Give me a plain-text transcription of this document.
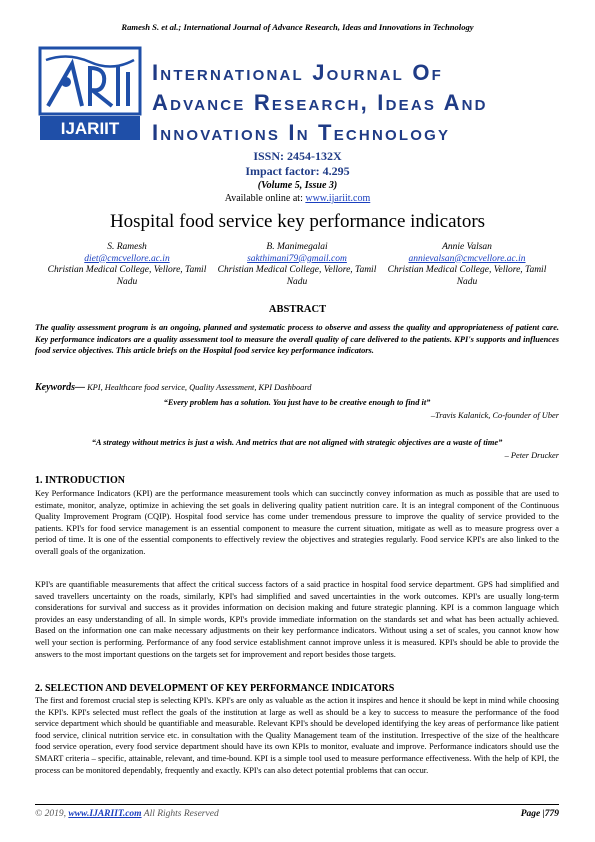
Ramesh S. et al.; International Journal of Advance Research, Ideas and Innovations in Technology
IJARIIT
International Journal Of
Advance Research, Ideas And
Innovations In Technology
ISSN: 2454-132X
Impact factor: 4.295
(Volume 5, Issue 3)
Available online at: www.ijariit.com
Hospital food service key performance indicators
S. Ramesh
diet@cmcvellore.ac.in
Christian Medical College, Vellore, Tamil Nadu
B. Manimegalai
sakthimani79@gmail.com
Christian Medical College, Vellore, Tamil Nadu
Annie Valsan
annievalsan@cmcvellore.ac.in
Christian Medical College, Vellore, Tamil Nadu
ABSTRACT
The quality assessment program is an ongoing, planned and systematic process to observe and assess the quality and appropriateness of patient care. Key performance indicators are a quality assessment tool to measure the overall quality of care delivered to the patients. KPI's supports and influences food service objectives. This article briefs on the Hospital food service key performance indicators.
Keywords— KPI, Healthcare food service, Quality Assessment, KPI Dashboard
“Every problem has a solution. You just have to be creative enough to find it”
–Travis Kalanick, Co-founder of Uber
“A strategy without metrics is just a wish. And metrics that are not aligned with strategic objectives are a waste of time”
– Peter Drucker
1. INTRODUCTION
Key Performance Indicators (KPI) are the performance measurement tools which can succinctly convey information as much as possible that are used to estimate, monitor, analyze, optimize in achieving the set goals in delivering quality patient nutrition care. It is an integral component of the Continuous Quality Improvement Program (CQIP). Hospital food service has come under tremendous pressure to improve the quality of service provided to the patients. KPI's for food service management is an essential component to measure the current situation, mitigate as well as to measure progress over a period of time. It is one of the essential components to effectively review the objectives and strategies regularly. Food service KPI's are also linked to the overall goals of the organization.
KPI's are quantifiable measurements that affect the critical success factors of a said practice in hospital food service department. GPS had simplified and saved travellers uncertainty on the roads, similarly, KPI's had simplified and saved uncertainties in the work outcomes. KPI's are usually long-term considerations for survival and success as it provides information on decision making and future strategic planning. KPI is a common language which provides an easy understanding of all. In simple words, KPI's provide immediate information on the standards set and what has been actually achieved. Based on the information one can make necessary adjustments on their key performance indicators. Without using a set of scales, you cannot know how well your section is performing. Performance of any food service establishment cannot improve unless it is measured. KPI's should be able to provide the answers to the most important questions on the targets set for improvement and report besides those targets.
2. SELECTION AND DEVELOPMENT OF KEY PERFORMANCE INDICATORS
The first and foremost crucial step is selecting KPI's. KPI's are only as valuable as the action it inspires and hence it should be kept in mind while choosing the KPI's. KPI's selected must reflect the goals of the institution at large as well as should be a key to success to measure the performance of the food service department which should be quantifiable and measurable. Relevant KPI's should be developed identifying the key areas of performance like patient food service, clinical nutrition service etc. in consultation with the Quality Management team of the institution. Irrespective of the size of the healthcare food service operation, every food service department should have its own KPIs to monitor, evaluate and improve. Performance indicators should use the SMART criteria – specific, attainable, relevant, and time-bound. KPI is a simple tool used to measure performance effectiveness. With the help of KPI, the process can be monitored dependably, frequently and exactly. KPI's can also detect potential problems that can occur.
© 2019, www.IJARIIT.com All Rights Reserved	Page |779
